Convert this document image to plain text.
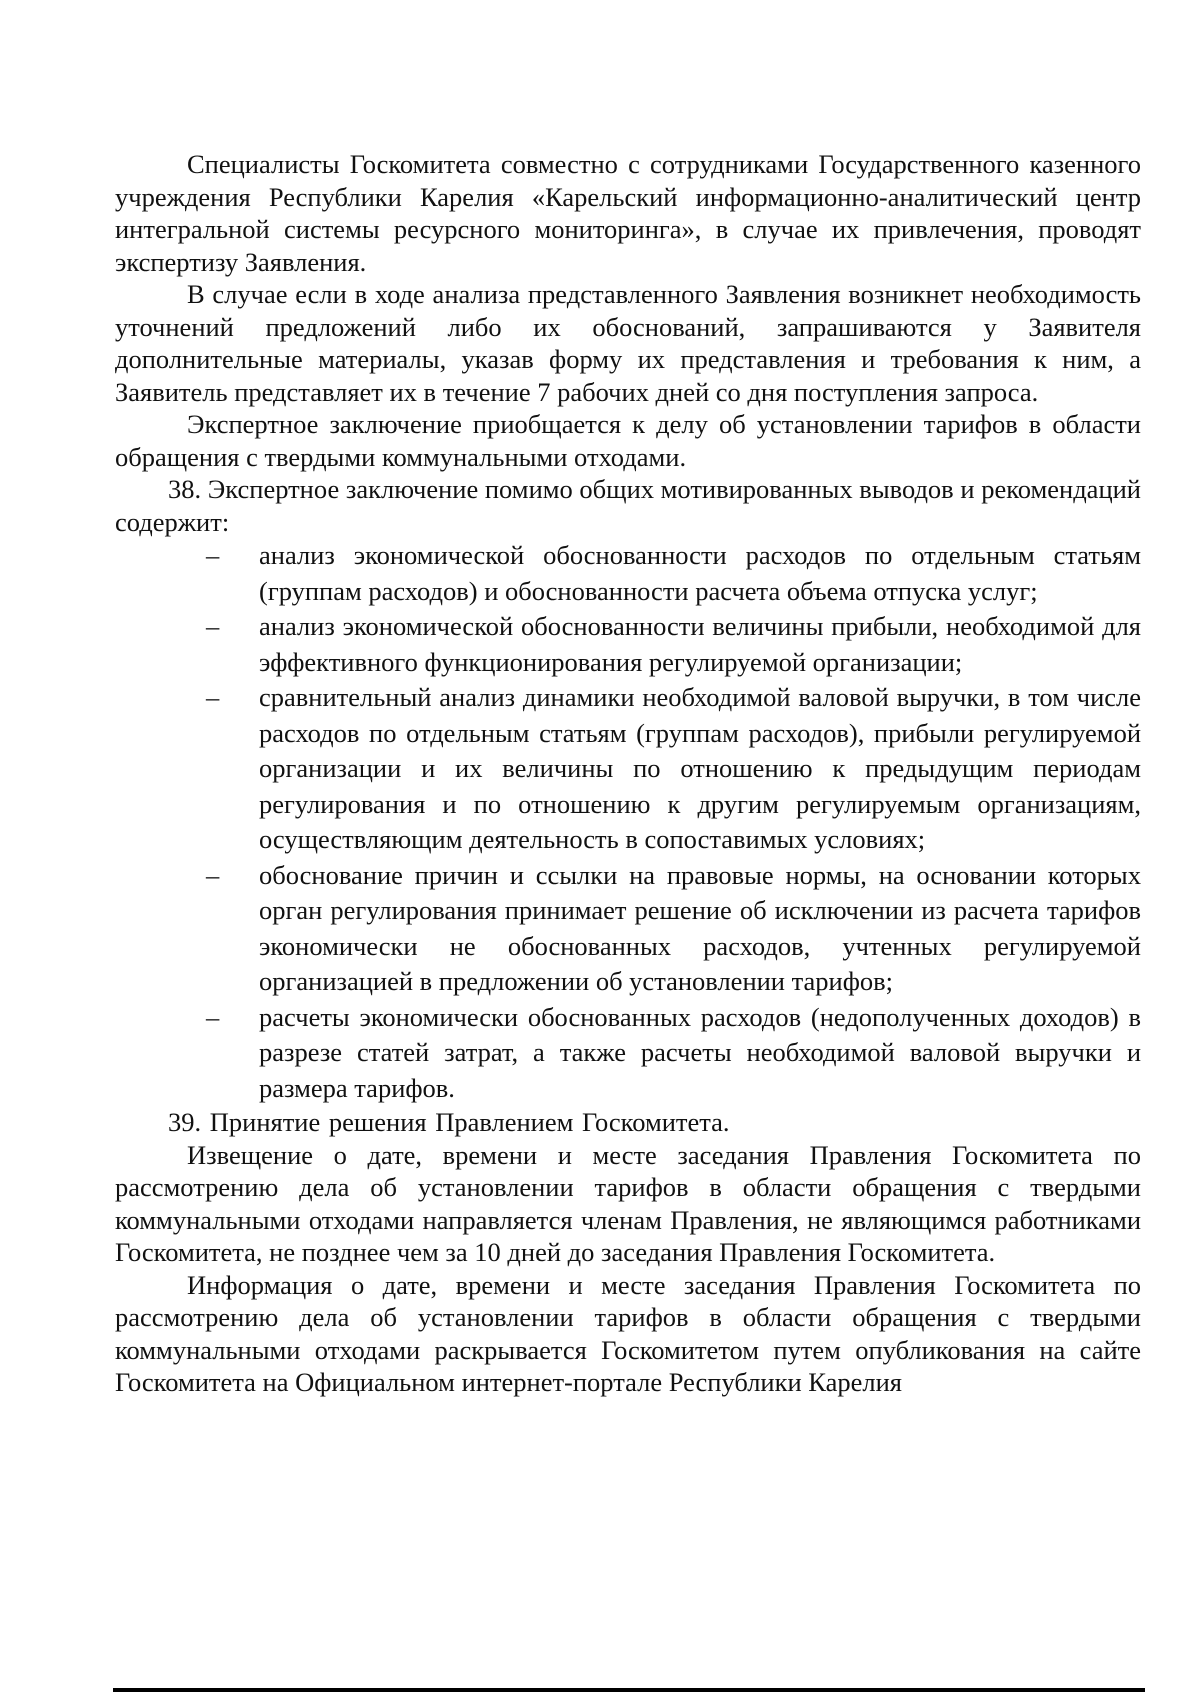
Специалисты Госкомитета совместно с сотрудниками Государственного казенного учреждения Республики Карелия «Карельский информационно-аналитический центр интегральной системы ресурсного мониторинга», в случае их привлечения, проводят экспертизу Заявления.

В случае если в ходе анализа представленного Заявления возникнет необходимость уточнений предложений либо их обоснований, запрашиваются у Заявителя дополнительные материалы, указав форму их представления и требования к ним, а Заявитель представляет их в течение 7 рабочих дней со дня поступления запроса.

Экспертное заключение приобщается к делу об установлении тарифов в области обращения с твердыми коммунальными отходами.

38. Экспертное заключение помимо общих мотивированных выводов и рекомендаций содержит:

– анализ экономической обоснованности расходов по отдельным статьям (группам расходов) и обоснованности расчета объема отпуска услуг;
– анализ экономической обоснованности величины прибыли, необходимой для эффективного функционирования регулируемой организации;
– сравнительный анализ динамики необходимой валовой выручки, в том числе расходов по отдельным статьям (группам расходов), прибыли регулируемой организации и их величины по отношению к предыдущим периодам регулирования и по отношению к другим регулируемым организациям, осуществляющим деятельность в сопоставимых условиях;
– обоснование причин и ссылки на правовые нормы, на основании которых орган регулирования принимает решение об исключении из расчета тарифов экономически не обоснованных расходов, учтенных регулируемой организацией в предложении об установлении тарифов;
– расчеты экономически обоснованных расходов (недополученных доходов) в разрезе статей затрат, а также расчеты необходимой валовой выручки и размера тарифов.

39. Принятие решения Правлением Госкомитета.

Извещение о дате, времени и месте заседания Правления Госкомитета по рассмотрению дела об установлении тарифов в области обращения с твердыми коммунальными отходами направляется членам Правления, не являющимся работниками Госкомитета, не позднее чем за 10 дней до заседания Правления Госкомитета.

Информация о дате, времени и месте заседания Правления Госкомитета по рассмотрению дела об установлении тарифов в области обращения с твердыми коммунальными отходами раскрывается Госкомитетом путем опубликования на сайте Госкомитета на Официальном интернет-портале Республики Карелия
